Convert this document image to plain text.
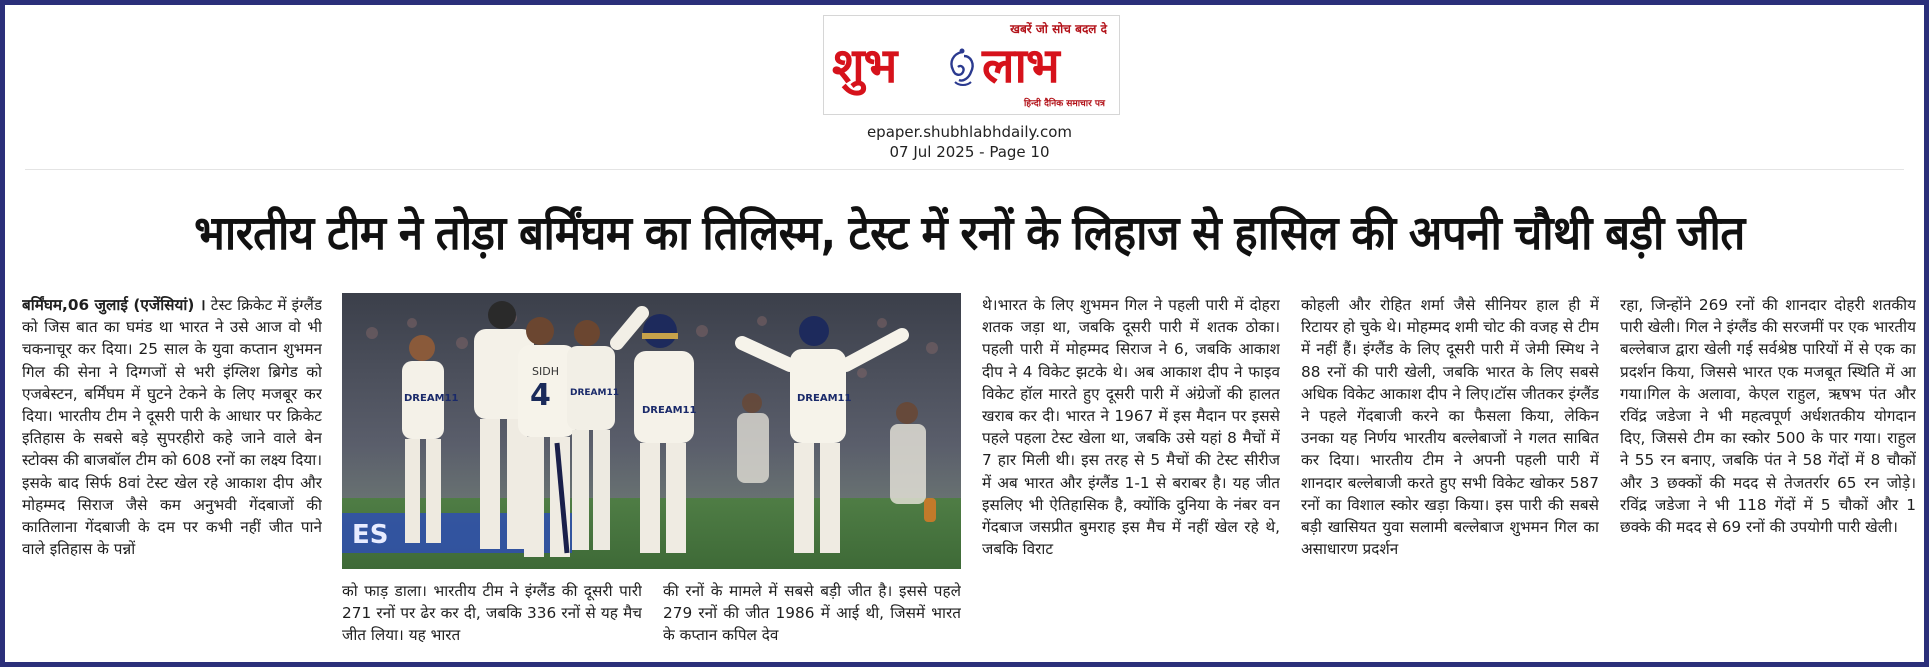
खबरें जो सोच बदल दे
शुभ लाभ
हिन्दी दैनिक समाचार पत्र
epaper.shubhlabhdaily.com
07 Jul 2025 - Page 10
भारतीय टीम ने तोड़ा बर्मिंघम का तिलिस्म, टेस्ट में रनों के लिहाज से हासिल की अपनी चौथी बड़ी जीत
बर्मिंघम,06 जुलाई (एजेंसियां) । टेस्ट क्रिकेट में इंग्लैंड को जिस बात का घमंड था भारत ने उसे आज वो भी चकनाचूर कर दिया। 25 साल के युवा कप्तान शुभमन गिल की सेना ने दिग्गजों से भरी इंग्लिश ब्रिगेड को एजबेस्टन, बर्मिंघम में घुटने टेकने के लिए मजबूर कर दिया। भारतीय टीम ने दूसरी पारी के आधार पर क्रिकेट इतिहास के सबसे बड़े सुपरहीरो कहे जाने वाले बेन स्टोक्स की बाजबॉल टीम को 608 रनों का लक्ष्य दिया। इसके बाद सिर्फ 8वां टेस्ट खेल रहे आकाश दीप और मोहम्मद सिराज जैसे कम अनुभवी गेंदबाजों की कातिलाना गेंदबाजी के दम पर कभी नहीं जीत पाने वाले इतिहास के पन्नों	ES
DREAM11
SIDH
4 DREAM11
DREAM11
DREAM11
को फाड़ डाला। भारतीय टीम ने इंग्लैंड की दूसरी पारी 271 रनों पर ढेर कर दी, जबकि 336 रनों से यह मैच जीत लिया। यह भारत
की रनों के मामले में सबसे बड़ी जीत है। इससे पहले 279 रनों की जीत 1986 में आई थी, जिसमें भारत के कप्तान कपिल देव
थे।भारत के लिए शुभमन गिल ने पहली पारी में दोहरा शतक जड़ा था, जबकि दूसरी पारी में शतक ठोका। पहली पारी में मोहम्मद सिराज ने 6, जबकि आकाश दीप ने 4 विकेट झटके थे। अब आकाश दीप ने फाइव विकेट हॉल मारते हुए दूसरी पारी में अंग्रेजों की हालत खराब कर दी। भारत ने 1967 में इस मैदान पर इससे पहले पहला टेस्ट खेला था, जबकि उसे यहां 8 मैचों में 7 हार मिली थी। इस तरह से 5 मैचों की टेस्ट सीरीज में अब भारत और इंग्लैंड 1-1 से बराबर है। यह जीत इसलिए भी ऐतिहासिक है, क्योंकि दुनिया के नंबर वन गेंदबाज जसप्रीत बुमराह इस मैच में नहीं खेल रहे थे, जबकि विराट
कोहली और रोहित शर्मा जैसे सीनियर हाल ही में रिटायर हो चुके थे। मोहम्मद शमी चोट की वजह से टीम में नहीं हैं। इंग्लैंड के लिए दूसरी पारी में जेमी स्मिथ ने 88 रनों की पारी खेली, जबकि भारत के लिए सबसे अधिक विकेट आकाश दीप ने लिए।टॉस जीतकर इंग्लैंड ने पहले गेंदबाजी करने का फैसला किया, लेकिन उनका यह निर्णय भारतीय बल्लेबाजों ने गलत साबित कर दिया। भारतीय टीम ने अपनी पहली पारी में शानदार बल्लेबाजी करते हुए सभी विकेट खोकर 587 रनों का विशाल स्कोर खड़ा किया। इस पारी की सबसे बड़ी खासियत युवा सलामी बल्लेबाज शुभमन गिल का असाधारण प्रदर्शन
रहा, जिन्होंने 269 रनों की शानदार दोहरी शतकीय पारी खेली। गिल ने इंग्लैंड की सरजमीं पर एक भारतीय बल्लेबाज द्वारा खेली गई सर्वश्रेष्ठ पारियों में से एक का प्रदर्शन किया, जिससे भारत एक मजबूत स्थिति में आ गया।गिल के अलावा, केएल राहुल, ऋषभ पंत और रविंद्र जडेजा ने भी महत्वपूर्ण अर्धशतकीय योगदान दिए, जिससे टीम का स्कोर 500 के पार गया। राहुल ने 55 रन बनाए, जबकि पंत ने 58 गेंदों में 8 चौकों और 3 छक्कों की मदद से तेजतर्रार 65 रन जोड़े। रविंद्र जडेजा ने भी 118 गेंदों में 5 चौकों और 1 छक्के की मदद से 69 रनों की उपयोगी पारी खेली।
